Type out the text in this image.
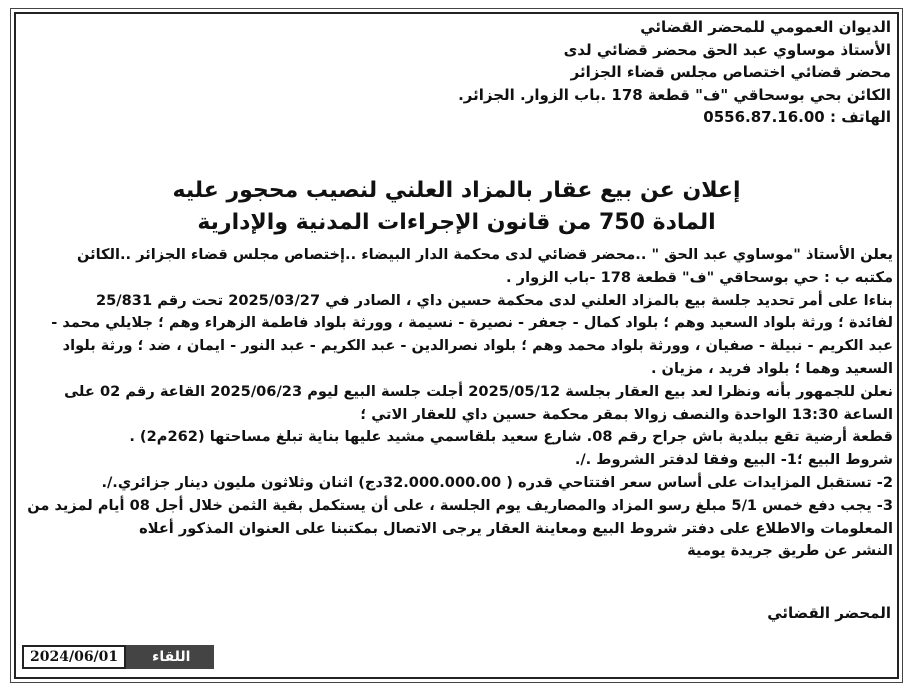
الديوان العمومي للمحضر القضائي
الأستاذ موساوي عبد الحق محضر قضائي لدى
محضر قضائي اختصاص مجلس قضاء الجزائر
الكائن بحي بوسحاقي "ف" قطعة 178 .باب الزوار. الجزائر.
الهاتف : 0556.87.16.00
إعلان عن بيع عقار بالمزاد العلني لنصيب محجور عليه
المادة 750 من قانون الإجراءات المدنية والإدارية
يعلن الأستاذ "موساوي عبد الحق " ..محضر قضائي لدى محكمة الدار البيضاء ..إختصاص مجلس قضاء الجزائر ..الكائن
مكتبه ب : حي بوسحاقي "ف" قطعة 178 -باب الزوار .
بناءا على أمر تحديد جلسة بيع بالمزاد العلني لدى محكمة حسين داي ، الصادر في 2025/03/27 تحت رقم 25/831
لفائدة ؛ ورثة بلواد السعيد وهم ؛ بلواد كمال - جعفر - نصيرة - نسيمة ، وورثة بلواد فاطمة الزهراء وهم ؛ جلايلي محمد -
عبد الكريم - نبيلة - صفيان ، وورثة بلواد محمد وهم ؛ بلواد نصرالدين - عبد الكريم - عبد النور - ايمان ، ضد ؛ ورثة بلواد
السعيد وهما ؛ بلواد فريد ، مزيان .
نعلن للجمهور بأنه ونظرا لعد بيع العقار بجلسة 2025/05/12 أجلت جلسة البيع ليوم 2025/06/23 القاعة رقم 02 على
الساعة 13:30 الواحدة والنصف زوالا بمقر محكمة حسين داي للعقار الاتي ؛
قطعة أرضية تقع ببلدية باش جراح رقم 08. شارع سعيد بلقاسمي مشيد عليها بناية تبلغ مساحتها (262م2) .
شروط البيع ؛1- البيع وفقا لدفتر الشروط ./.
2- تستقبل المزايدات على أساس سعر افتتاحي قدره ( 32.000.000.00دج) اثنان وثلاثون مليون دينار جزائري./.
3- يجب دفع خمس 5/1 مبلغ رسو المزاد والمصاريف يوم الجلسة ، على أن يستكمل بقية الثمن خلال أجل 08 أيام لمزيد من
المعلومات والاطلاع على دفتر شروط البيع ومعاينة العقار يرجى الاتصال بمكتبنا على العنوان المذكور أعلاه
النشر عن طريق جريدة يومية
المحضر القضائي
اللقاء
2024/06/01
